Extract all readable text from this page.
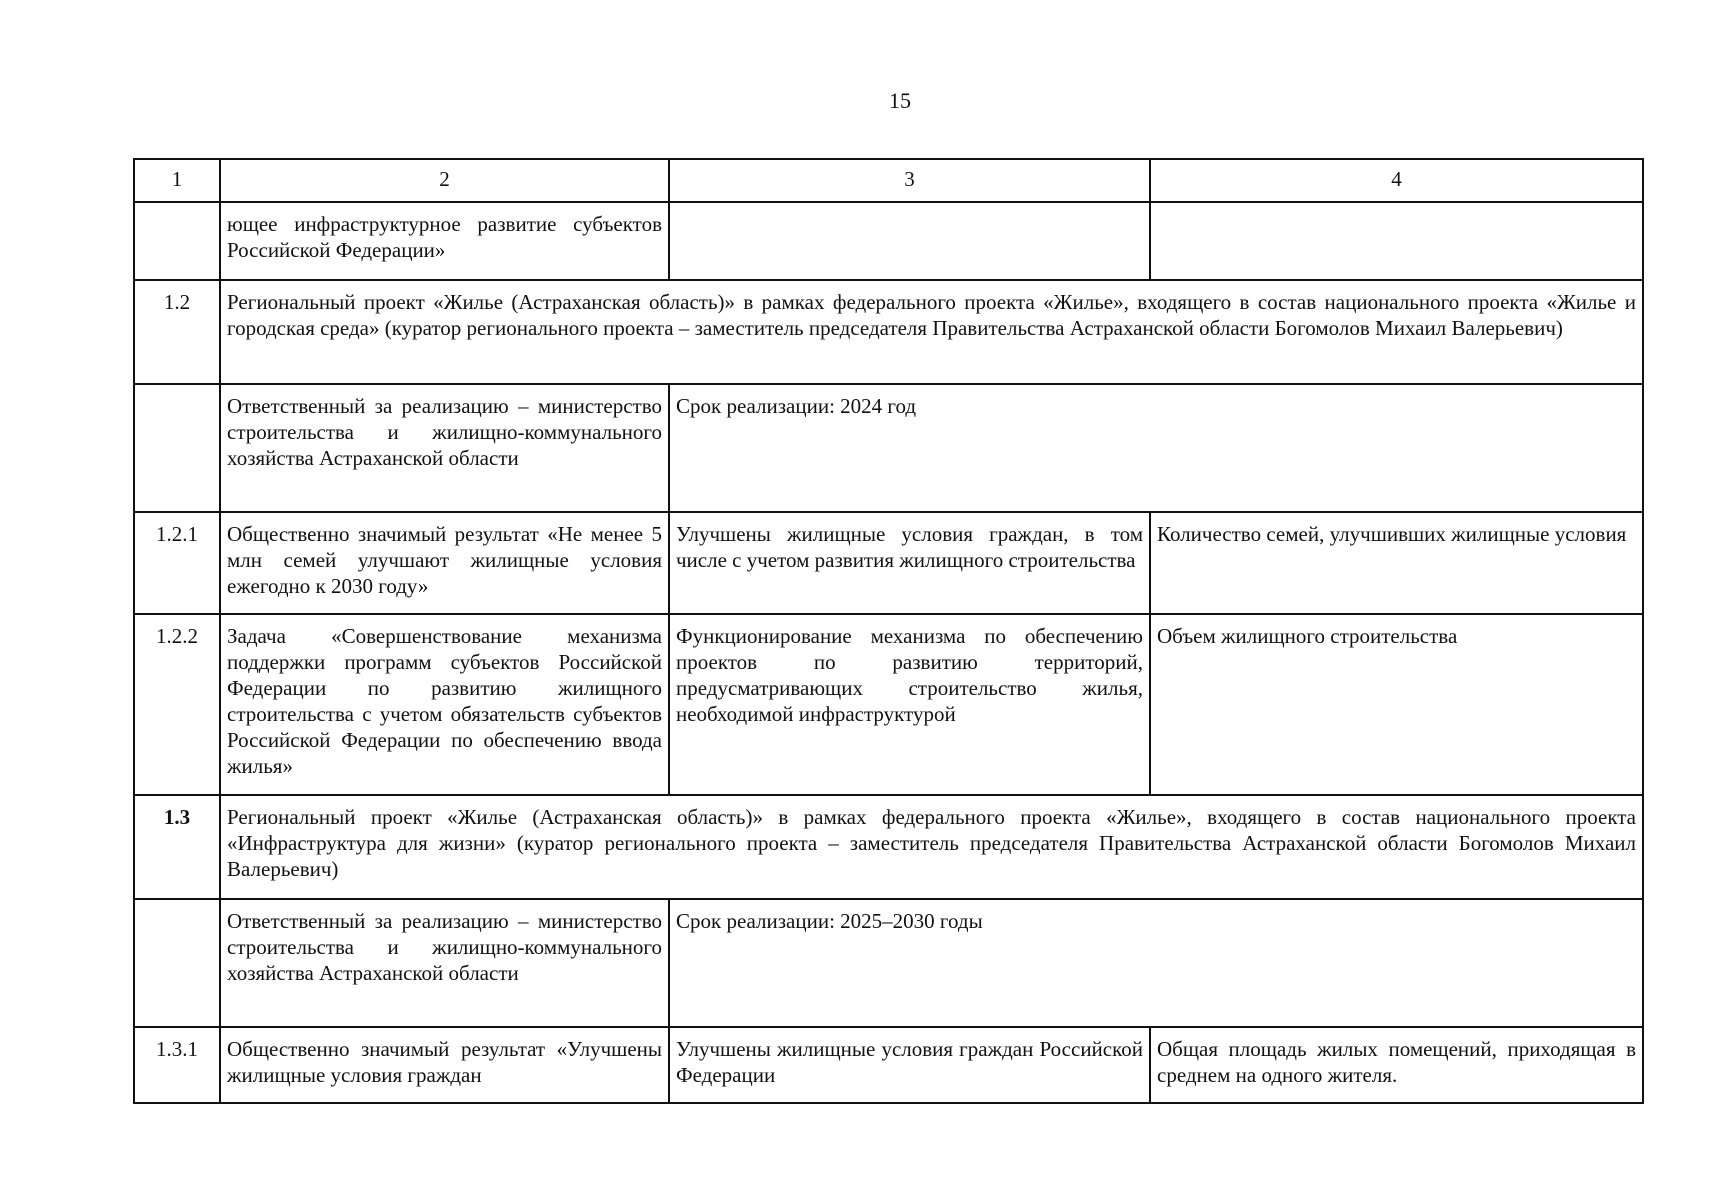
15
1	2	3	4
	ющее инфраструктурное развитие субъектов Российской Федерации»		
1.2	Региональный проект «Жилье (Астраханская область)» в рамках федерального проекта «Жилье», входящего в состав национального проекта «Жилье и городская среда» (куратор регионального проекта – заместитель председателя Правительства Астраханской области Богомолов Михаил Валерьевич)		
	Ответственный за реализацию – министерство строительства и жилищно-коммунального хозяйства Астраханской области	Срок реализации: 2024 год	
1.2.1	Общественно значимый результат «Не менее 5 млн семей улучшают жилищные условия ежегодно к 2030 году»	Улучшены жилищные условия граждан, в том числе с учетом развития жилищного строительства	Количество семей, улучшивших жилищные условия
1.2.2	Задача «Совершенствование механизма поддержки программ субъектов Российской Федерации по развитию жилищного строительства с учетом обязательств субъектов Российской Федерации по обеспечению ввода жилья»	Функционирование механизма по обеспечению проектов по развитию территорий, предусматривающих строительство жилья, необходимой инфраструктурой	Объем жилищного строительства
1.3	Региональный проект «Жилье (Астраханская область)» в рамках федерального проекта «Жилье», входящего в состав национального проекта «Инфраструктура для жизни» (куратор регионального проекта – заместитель председателя Правительства Астраханской области Богомолов Михаил Валерьевич)		
	Ответственный за реализацию – министерство строительства и жилищно-коммунального хозяйства Астраханской области	Срок реализации: 2025–2030 годы	
1.3.1	Общественно значимый результат «Улучшены жилищные условия граждан	Улучшены жилищные условия граждан Российской Федерации	Общая площадь жилых помещений, приходящая в среднем на одного жителя.
